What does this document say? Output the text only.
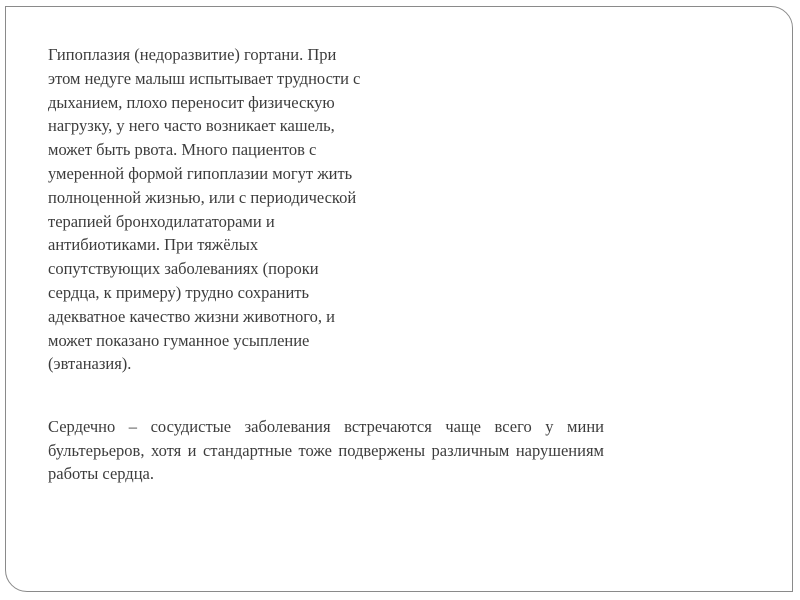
Гипоплазия (недоразвитие) гортани. При
этом недуге малыш испытывает трудности с
дыханием, плохо переносит физическую
нагрузку, у него часто возникает кашель,
может быть рвота. Много пациентов с
умеренной формой гипоплазии могут жить
полноценной жизнью, или с периодической
терапией бронходилататорами и
антибиотиками. При тяжёлых
сопутствующих заболеваниях (пороки
сердца, к примеру) трудно сохранить
адекватное качество жизни животного, и
может показано гуманное усыпление
(эвтаназия).

Сердечно – сосудистые заболевания встречаются чаще всего у мини бультерьеров, хотя и стандартные тоже подвержены различным нарушениям работы сердца.
